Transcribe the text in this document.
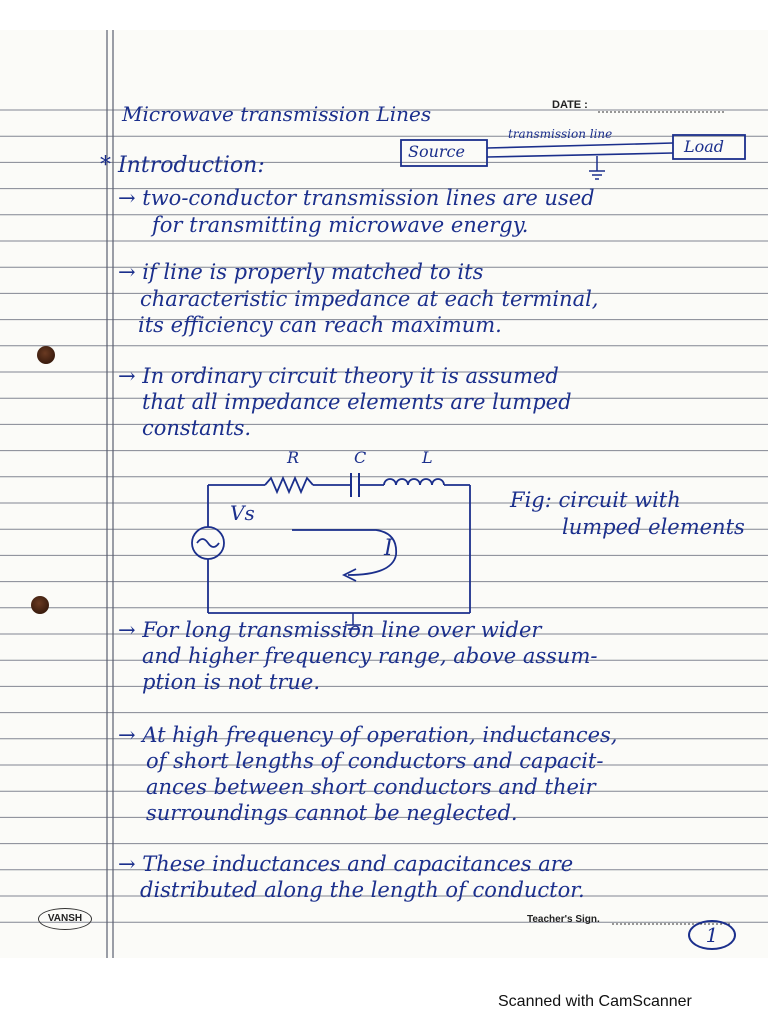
Microwave transmission Lines	DATE :
Source
transmission line
Load
* Introduction:
→ two-conductor transmission lines are used
for transmitting microwave energy.
→ if line is properly matched to its
characteristic impedance at each terminal,
its efficiency can reach maximum.
→ In ordinary circuit theory it is assumed
that all impedance elements are lumped
constants.
R	C	L
Vs
I
Fig: circuit with
lumped elements
→ For long transmission line over wider
and higher frequency range, above assum-
ption is not true.
→ At high frequency of operation, inductances,
of short lengths of conductors and capacit-
ances between short conductors and their
surroundings cannot be neglected.
→ These inductances and capacitances are
distributed along the length of conductor.
VANSH	Teacher's Sign.
1
Scanned with CamScanner
